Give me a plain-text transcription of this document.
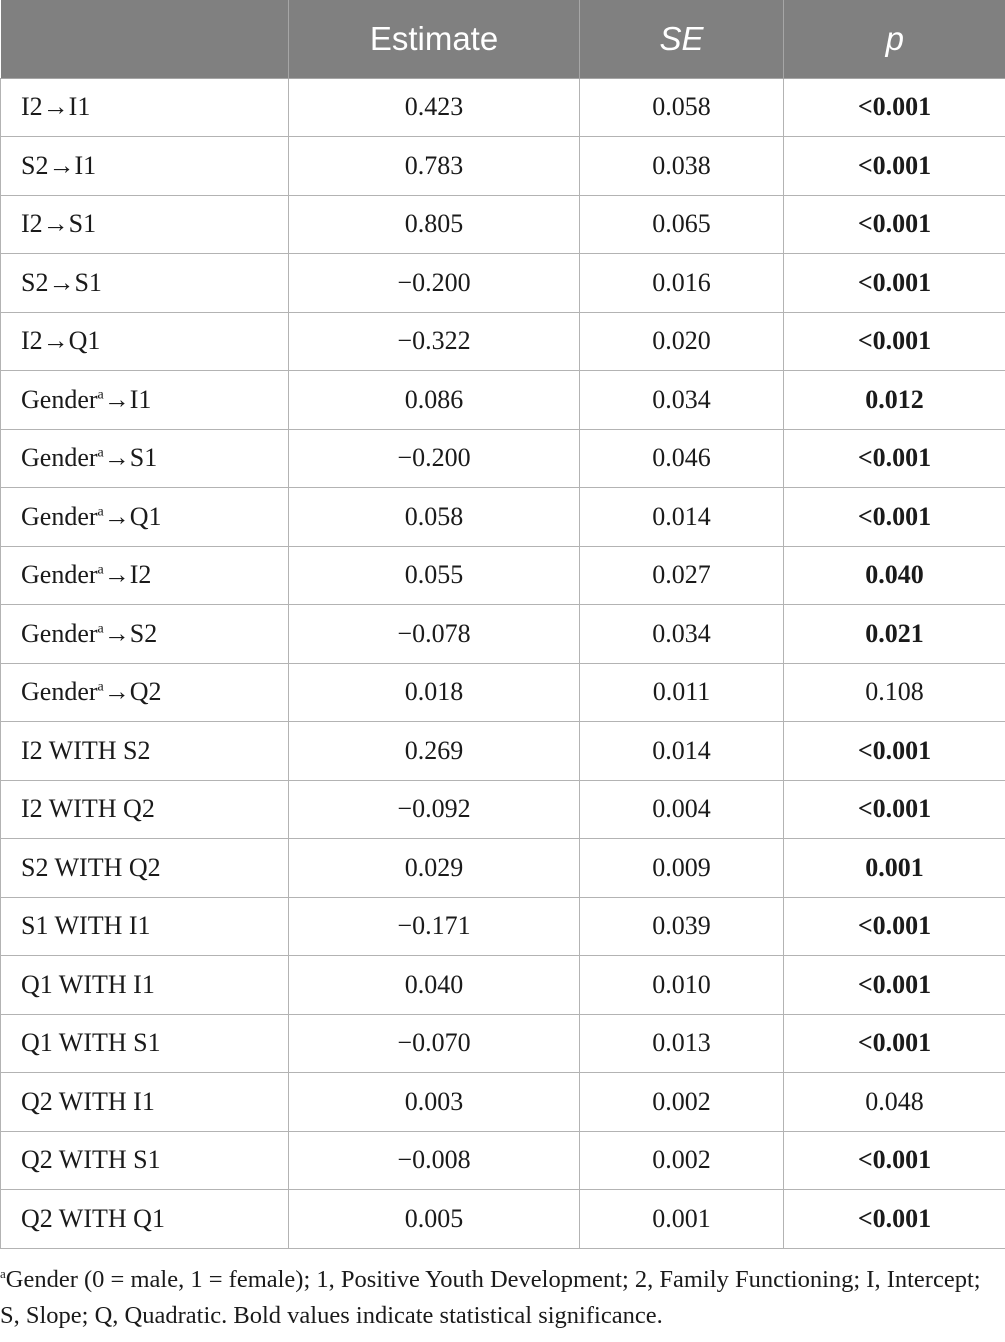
	Estimate	SE	p
I2→I1	0.423	0.058	<0.001
S2→I1	0.783	0.038	<0.001
I2→S1	0.805	0.065	<0.001
S2→S1	−0.200	0.016	<0.001
I2→Q1	−0.322	0.020	<0.001
Gender$^a$→I1	0.086	0.034	0.012
Gender$^a$→S1	−0.200	0.046	<0.001
Gender$^a$→Q1	0.058	0.014	<0.001
Gender$^a$→I2	0.055	0.027	0.040
Gender$^a$→S2	−0.078	0.034	0.021
Gender$^a$→Q2	0.018	0.011	0.108
I2 WITH S2	0.269	0.014	<0.001
I2 WITH Q2	−0.092	0.004	<0.001
S2 WITH Q2	0.029	0.009	0.001
S1 WITH I1	−0.171	0.039	<0.001
Q1 WITH I1	0.040	0.010	<0.001
Q1 WITH S1	−0.070	0.013	<0.001
Q2 WITH I1	0.003	0.002	0.048
Q2 WITH S1	−0.008	0.002	<0.001
Q2 WITH Q1	0.005	0.001	<0.001
$^a$Gender (0 = male, 1 = female); 1, Positive Youth Development; 2, Family Functioning; I, Intercept; S, Slope; Q, Quadratic. Bold values indicate statistical significance.
